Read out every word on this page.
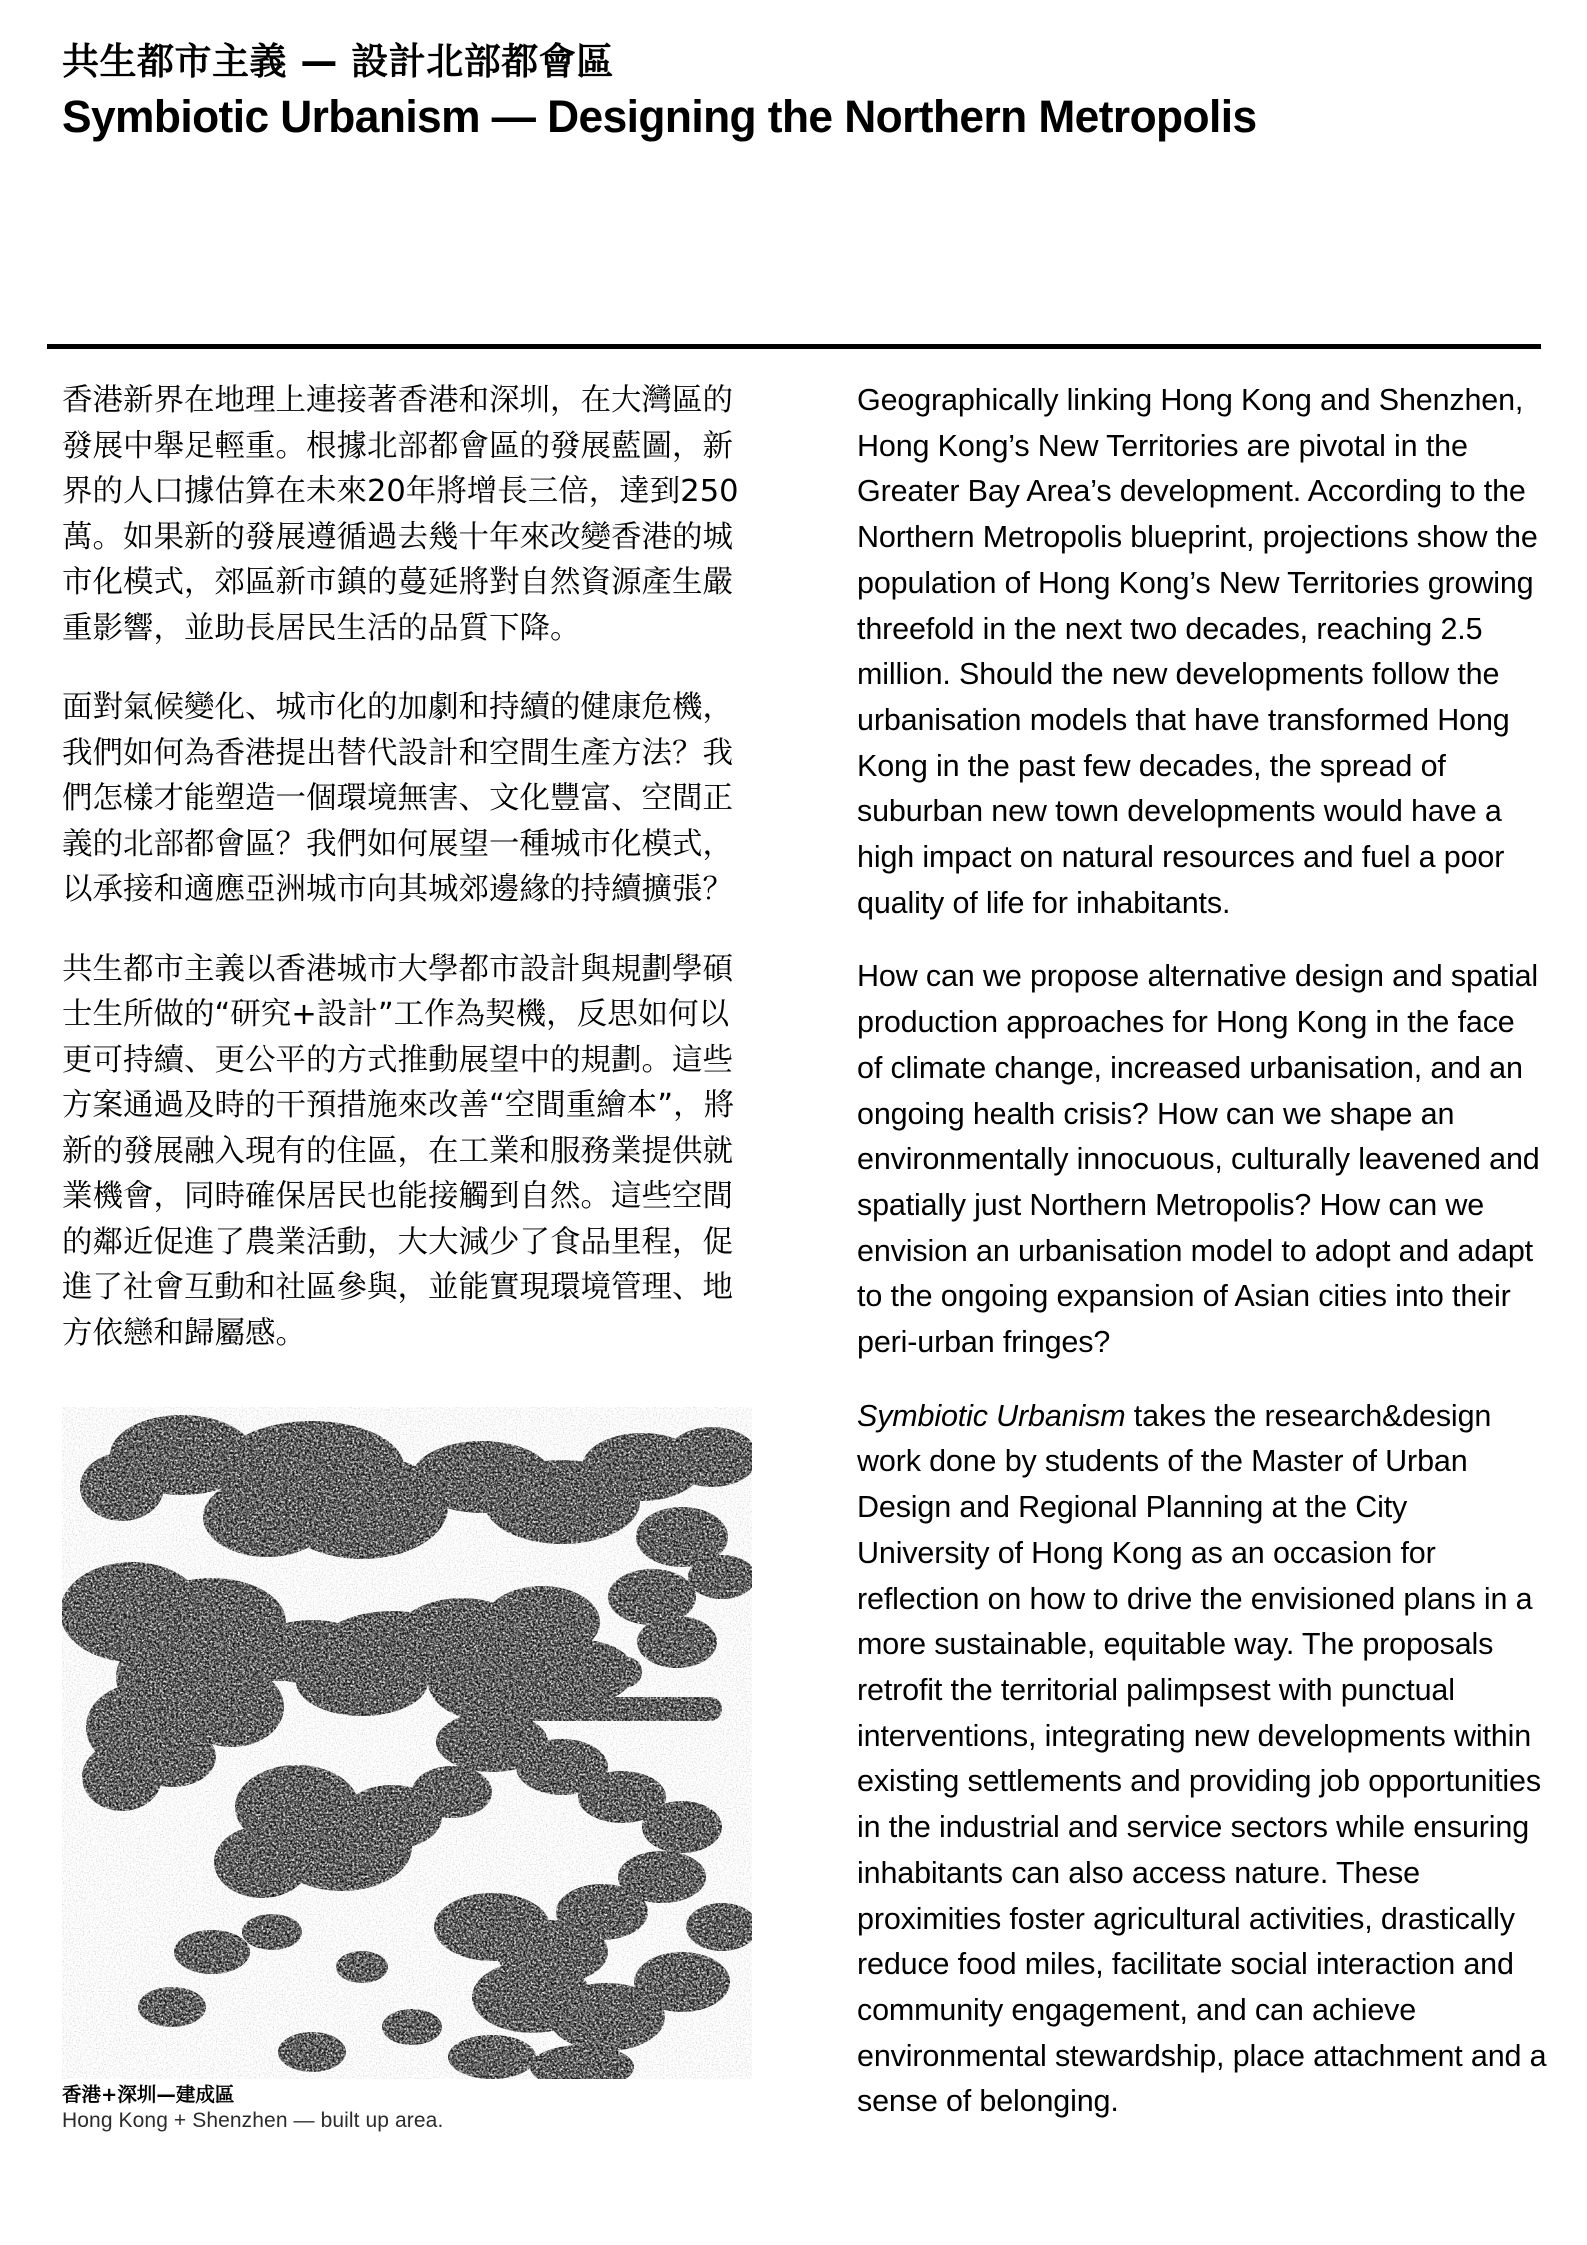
共生都市主義 — 設計北部都會區
Symbiotic Urbanism — Designing the Northern Metropolis

香港新界在地理上連接著香港和深圳，在大灣區的發展中舉足輕重。根據北部都會區的發展藍圖，新界的人口據估算在未來20年將增長三倍，達到250萬。如果新的發展遵循過去幾十年來改變香港的城市化模式，郊區新市鎮的蔓延將對自然資源產生嚴重影響，並助長居民生活的品質下降。

面對氣候變化、城市化的加劇和持續的健康危機，我們如何為香港提出替代設計和空間生產方法？我們怎樣才能塑造一個環境無害、文化豐富、空間正義的北部都會區？我們如何展望一種城市化模式，以承接和適應亞洲城市向其城郊邊緣的持續擴張？

共生都市主義以香港城市大學都市設計與規劃學碩士生所做的“研究+設計”工作為契機，反思如何以更可持續、更公平的方式推動展望中的規劃。這些方案通過及時的干預措施來改善“空間重繪本”，將新的發展融入現有的住區，在工業和服務業提供就業機會，同時確保居民也能接觸到自然。這些空間的鄰近促進了農業活動，大大減少了食品里程，促進了社會互動和社區參與，並能實現環境管理、地方依戀和歸屬感。

Geographically linking Hong Kong and Shenzhen, Hong Kong’s New Territories are pivotal in the Greater Bay Area’s development. According to the Northern Metropolis blueprint, projections show the population of Hong Kong’s New Territories growing threefold in the next two decades, reaching 2.5 million. Should the new developments follow the urbanisation models that have transformed Hong Kong in the past few decades, the spread of suburban new town developments would have a high impact on natural resources and fuel a poor quality of life for inhabitants.

How can we propose alternative design and spatial production approaches for Hong Kong in the face of climate change, increased urbanisation, and an ongoing health crisis? How can we shape an environmentally innocuous, culturally leavened and spatially just Northern Metropolis? How can we envision an urbanisation model to adopt and adapt to the ongoing expansion of Asian cities into their peri-urban fringes?

Symbiotic Urbanism takes the research&design work done by students of the Master of Urban Design and Regional Planning at the City University of Hong Kong as an occasion for reflection on how to drive the envisioned plans in a more sustainable, equitable way. The proposals retrofit the territorial palimpsest with punctual interventions, integrating new developments within existing settlements and providing job opportunities in the industrial and service sectors while ensuring inhabitants can also access nature. These proximities foster agricultural activities, drastically reduce food miles, facilitate social interaction and community engagement, and can achieve environmental stewardship, place attachment and a sense of belonging.

香港+深圳—建成區
Hong Kong + Shenzhen — built up area.
